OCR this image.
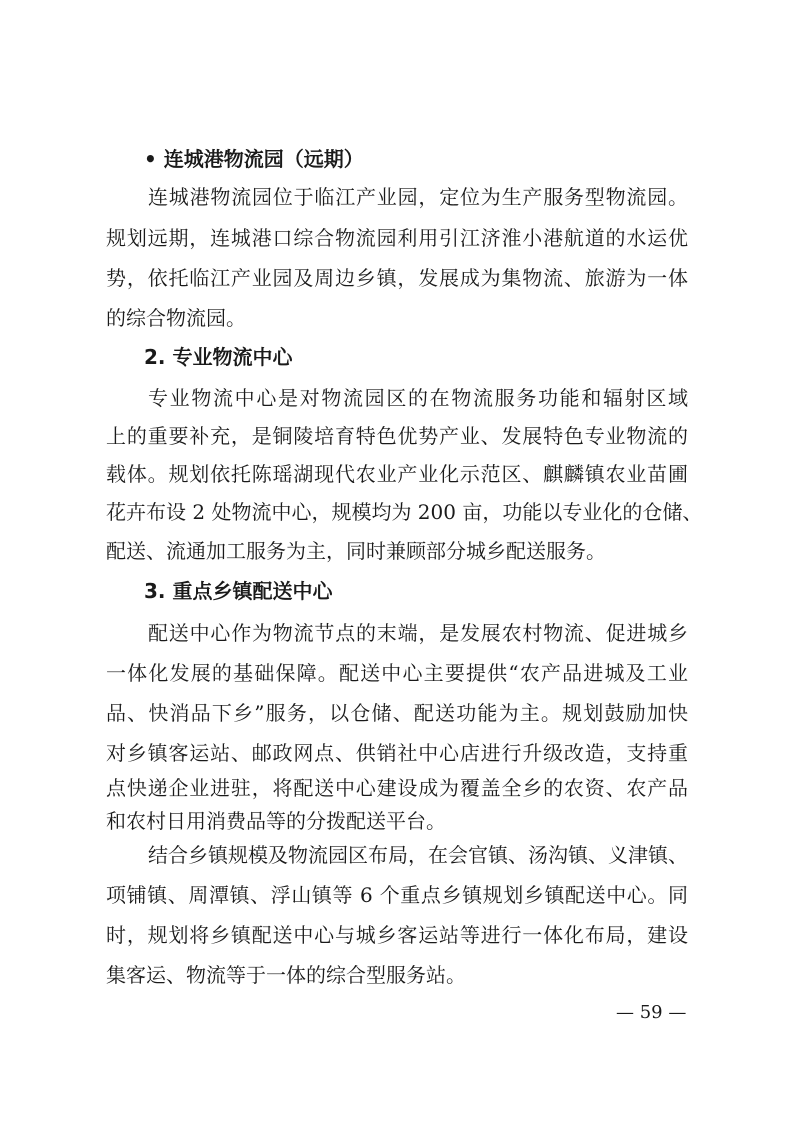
• 连城港物流园（远期）
连城港物流园位于临江产业园，定位为生产服务型物流园。
规划远期，连城港口综合物流园利用引江济淮小港航道的水运优
势，依托临江产业园及周边乡镇，发展成为集物流、旅游为一体
的综合物流园。
2. 专业物流中心
专业物流中心是对物流园区的在物流服务功能和辐射区域
上的重要补充，是铜陵培育特色优势产业、发展特色专业物流的
载体。规划依托陈瑶湖现代农业产业化示范区、麒麟镇农业苗圃
花卉布设 2 处物流中心，规模均为 200 亩，功能以专业化的仓储、
配送、流通加工服务为主，同时兼顾部分城乡配送服务。
3. 重点乡镇配送中心
配送中心作为物流节点的末端，是发展农村物流、促进城乡
一体化发展的基础保障。配送中心主要提供“农产品进城及工业
品、快消品下乡”服务，以仓储、配送功能为主。规划鼓励加快
对乡镇客运站、邮政网点、供销社中心店进行升级改造，支持重
点快递企业进驻，将配送中心建设成为覆盖全乡的农资、农产品
和农村日用消费品等的分拨配送平台。
结合乡镇规模及物流园区布局，在会官镇、汤沟镇、义津镇、
项铺镇、周潭镇、浮山镇等 6 个重点乡镇规划乡镇配送中心。同
时，规划将乡镇配送中心与城乡客运站等进行一体化布局，建设
集客运、物流等于一体的综合型服务站。
— 59 —
